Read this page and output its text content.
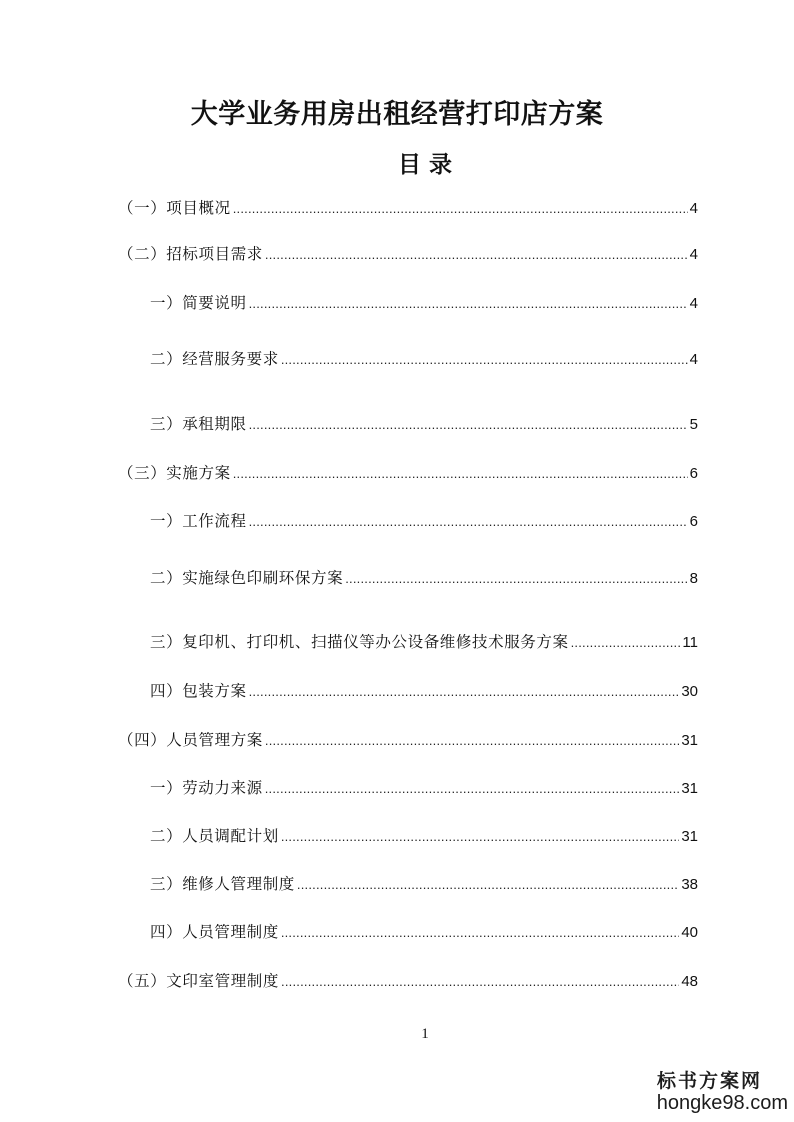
大学业务用房出租经营打印店方案
目 录
（一）项目概况 .....	4
（二）招标项目需求 .....	4
一）简要说明 .....	4
二）经营服务要求 .....	4
三）承租期限 .....	5
（三）实施方案 .....	6
一）工作流程 .....	6
二）实施绿色印刷环保方案 .....	8
三）复印机、打印机、扫描仪等办公设备维修技术服务方案 .....	11
四）包装方案 .....	30
（四）人员管理方案 .....	31
一）劳动力来源 .....	31
二）人员调配计划 .....	31
三）维修人管理制度 .....	38
四）人员管理制度 .....	40
（五）文印室管理制度 .....	48
1
标书方案网
hongke98.com
